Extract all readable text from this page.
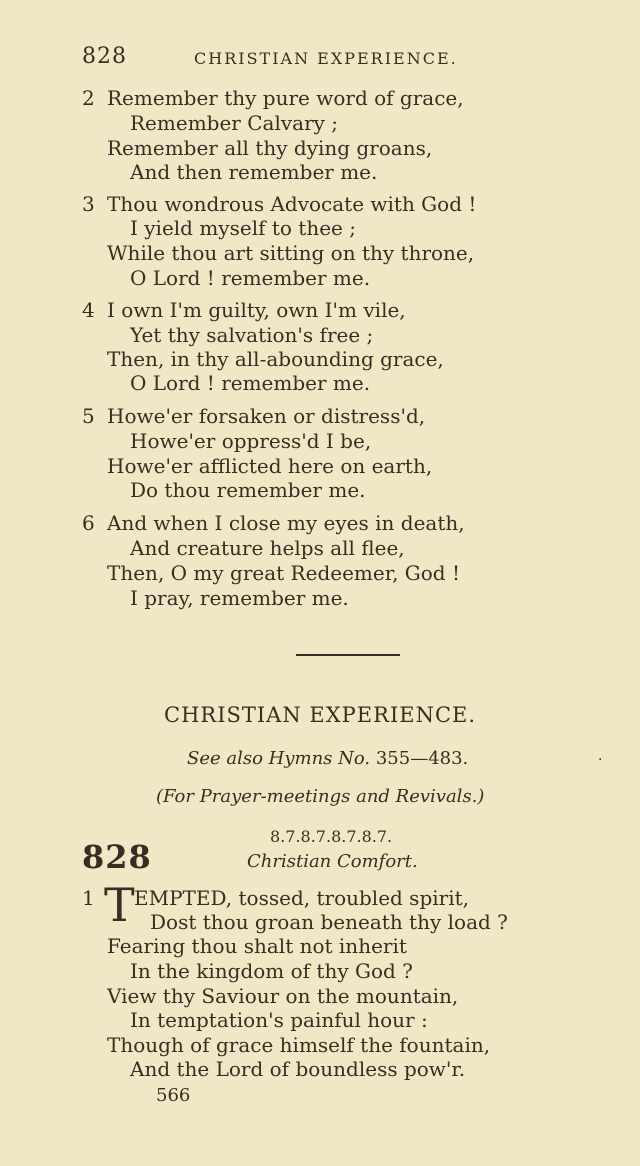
828	CHRISTIAN EXPERIENCE.
2 Remember thy pure word of grace,
Remember Calvary ;
Remember all thy dying groans,
And then remember me.
3 Thou wondrous Advocate with God !
I yield myself to thee ;
While thou art sitting on thy throne,
O Lord ! remember me.
4 I own I'm guilty, own I'm vile,
Yet thy salvation's free ;
Then, in thy all-abounding grace,
O Lord ! remember me.
5 Howe'er forsaken or distress'd,
Howe'er oppress'd I be,
Howe'er afflicted here on earth,
Do thou remember me.
6 And when I close my eyes in death,
And creature helps all flee,
Then, O my great Redeemer, God !
I pray, remember me.
CHRISTIAN EXPERIENCE.
See also Hymns No. 355—483.	·
(For Prayer-meetings and Revivals.)
828
8.7.8.7.8.7.8.7.
Christian Comfort.
1 T EMPTED, tossed, troubled spirit,
Dost thou groan beneath thy load ?
Fearing thou shalt not inherit
In the kingdom of thy God ?
View thy Saviour on the mountain,
In temptation's painful hour :
Though of grace himself the fountain,
And the Lord of boundless pow'r.
566
